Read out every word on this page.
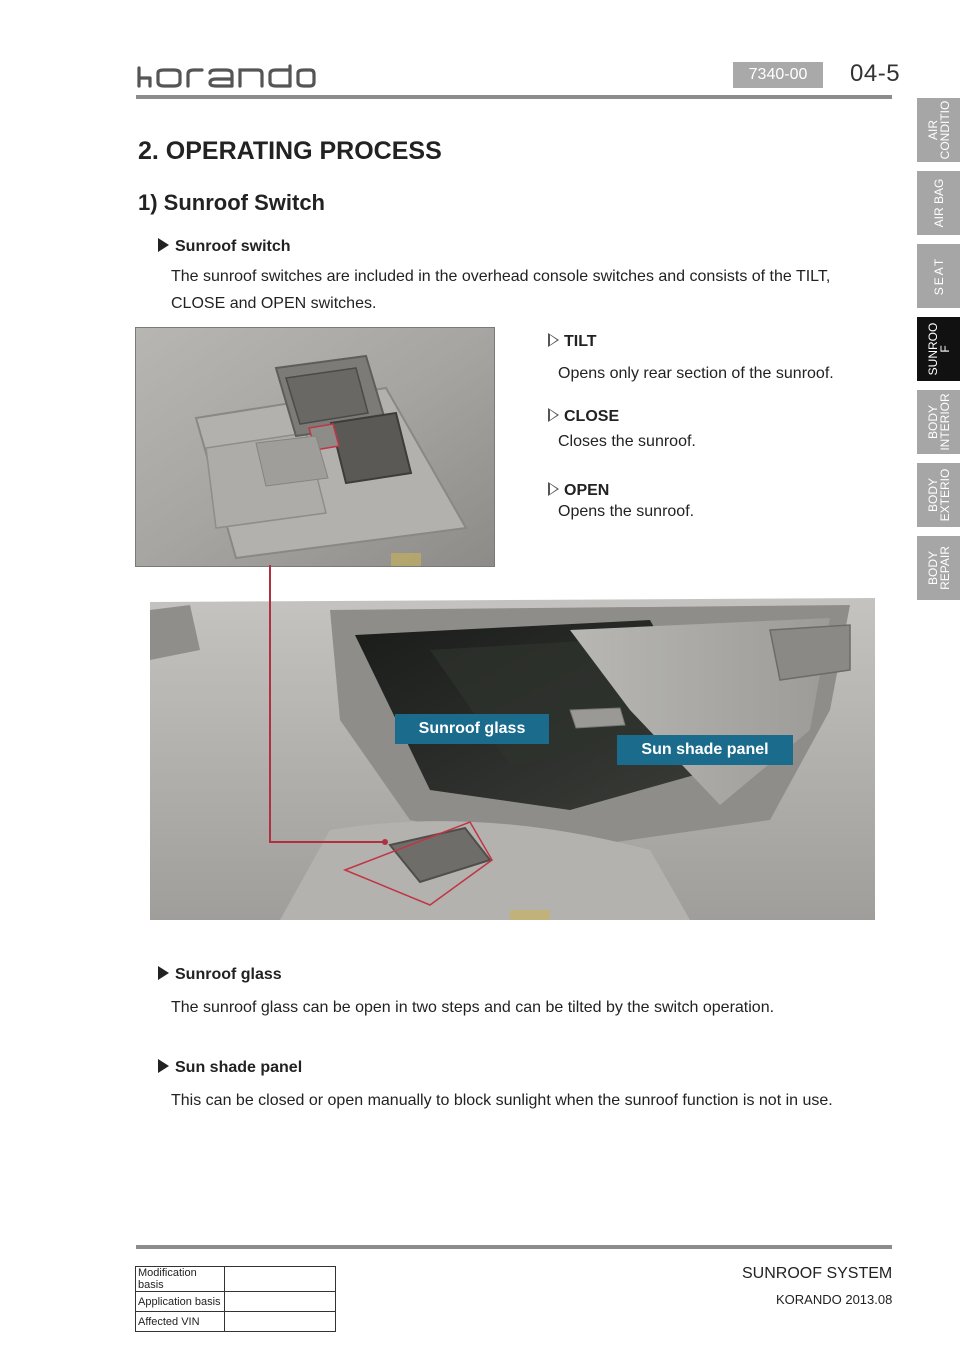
7340-00	04-5
AIR
CONDITIO
AIR BAG
SEAT
SUNROO
F
BODY
INTERIOR
BODY
EXTERIO
BODY
REPAIR
2. OPERATING PROCESS
1) Sunroof Switch
Sunroof switch
The sunroof switches are included in the overhead console switches and consists of the TILT,
CLOSE and OPEN switches.
TILT
Opens only rear section of the sunroof.
CLOSE
Closes the sunroof.
OPEN
Opens the sunroof.
Sunroof glass
Sun shade panel
Sunroof glass
The sunroof glass can be open in two steps and can be tilted by the switch operation.
Sun shade panel
This can be closed or open manually to block sunlight when the sunroof function is not in use.
Modification basis	
Application basis	
Affected VIN	
SUNROOF SYSTEM
KORANDO 2013.08
